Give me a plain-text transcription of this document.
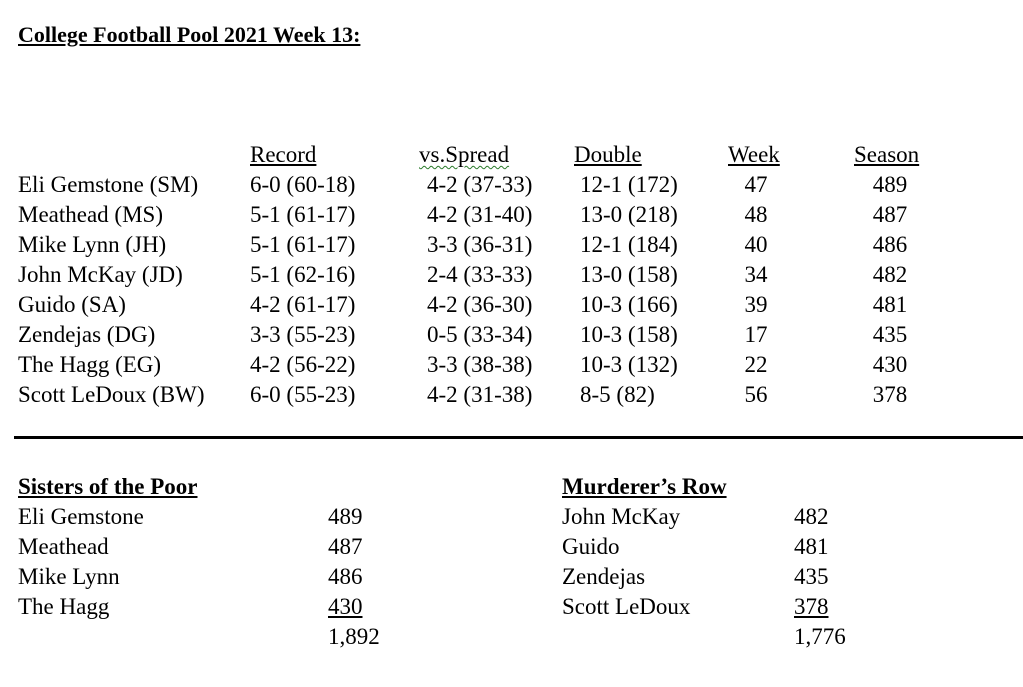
College Football Pool 2021 Week 13:
Record	vs.Spread	Double	Week	Season
Eli Gemstone (SM) 6-0 (60-18)	4-2 (37-33) 12-1 (172)	47	489
Meathead (MS)	5-1 (61-17)	4-2 (31-40) 13-0 (218)	48	487
Mike Lynn (JH)	5-1 (61-17)	3-3 (36-31) 12-1 (184)	40	486
John McKay (JD)	5-1 (62-16)	2-4 (33-33) 13-0 (158)	34	482
Guido (SA)	4-2 (61-17)	4-2 (36-30) 10-3 (166)	39	481
Zendejas (DG)	3-3 (55-23)	0-5 (33-34) 10-3 (158)	17	435
The Hagg (EG)	4-2 (56-22)	3-3 (38-38) 10-3 (132)	22	430
Scott LeDoux (BW) 6-0 (55-23)	4-2 (31-38) 8-5 (82)	56	378
Sisters of the Poor
Eli Gemstone	489
Meathead	487
Mike Lynn	486
The Hagg	430
1,892
Murderer’s Row
John McKay	482
Guido	481
Zendejas	435
Scott LeDoux	378
1,776
